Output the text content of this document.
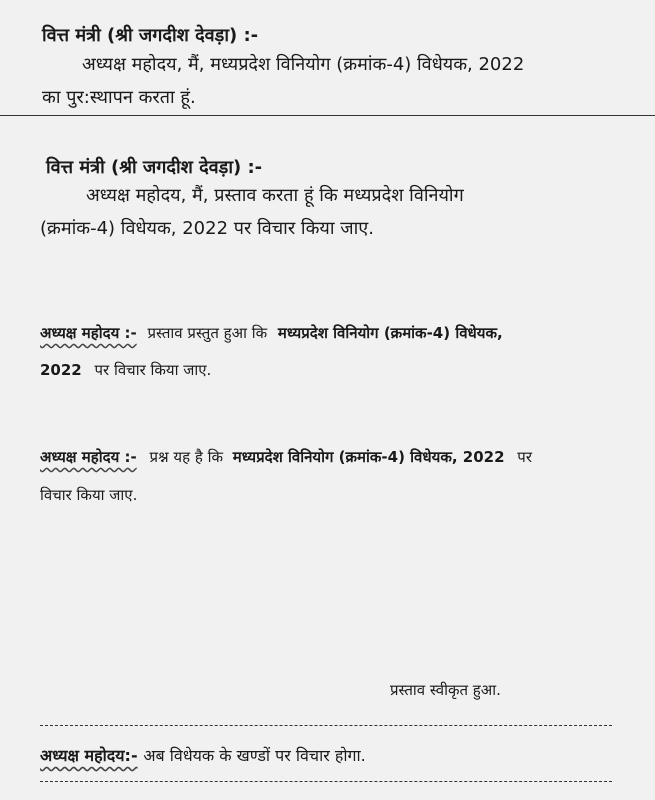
वित्त मंत्री (श्री जगदीश देवड़ा) :-
अध्यक्ष महोदय, मैं, मध्यप्रदेश विनियोग (क्रमांक-4) विधेयक, 2022
का पुर:स्थापन करता हूं.
वित्त मंत्री (श्री जगदीश देवड़ा) :-
अध्यक्ष महोदय, मैं, प्रस्ताव करता हूं कि मध्यप्रदेश विनियोग
(क्रमांक-4) विधेयक, 2022 पर विचार किया जाए.
अध्यक्ष महोदय :- प्रस्ताव प्रस्तुत हुआ कि मध्यप्रदेश विनियोग (क्रमांक-4) विधेयक,
2022 पर विचार किया जाए.
अध्यक्ष महोदय :- प्रश्न यह है कि मध्यप्रदेश विनियोग (क्रमांक-4) विधेयक, 2022 पर
विचार किया जाए.
प्रस्ताव स्वीकृत हुआ.
अध्यक्ष महोदय:- अब विधेयक के खण्डों पर विचार होगा.
